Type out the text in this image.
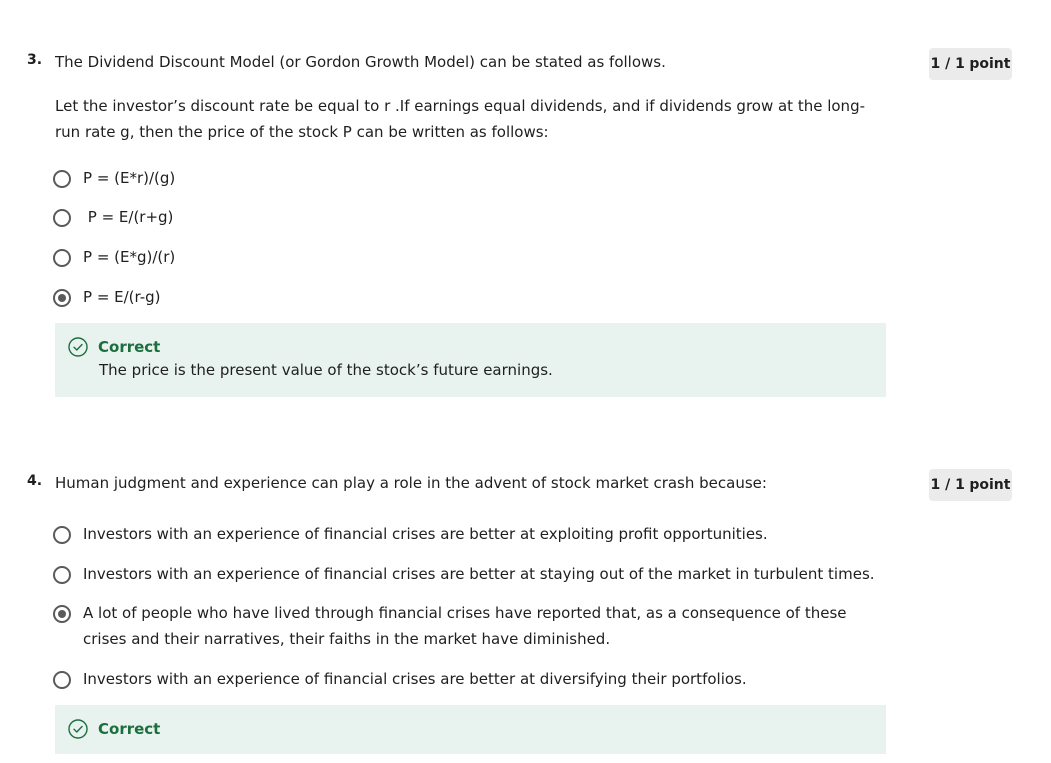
3. The Dividend Discount Model (or Gordon Growth Model) can be stated as follows.	1 / 1 point
Let the investor’s discount rate be equal to r .If earnings equal dividends, and if dividends grow at the long-run rate g, then the price of the stock P can be written as follows:
P = (E*r)/(g)
P = E/(r+g)
P = (E*g)/(r)
P = E/(r-g)
Correct
The price is the present value of the stock’s future earnings.
4. Human judgment and experience can play a role in the advent of stock market crash because:	1 / 1 point
Investors with an experience of financial crises are better at exploiting profit opportunities.
Investors with an experience of financial crises are better at staying out of the market in turbulent times.
A lot of people who have lived through financial crises have reported that, as a consequence of these crises and their narratives, their faiths in the market have diminished.
Investors with an experience of financial crises are better at diversifying their portfolios.
Correct
